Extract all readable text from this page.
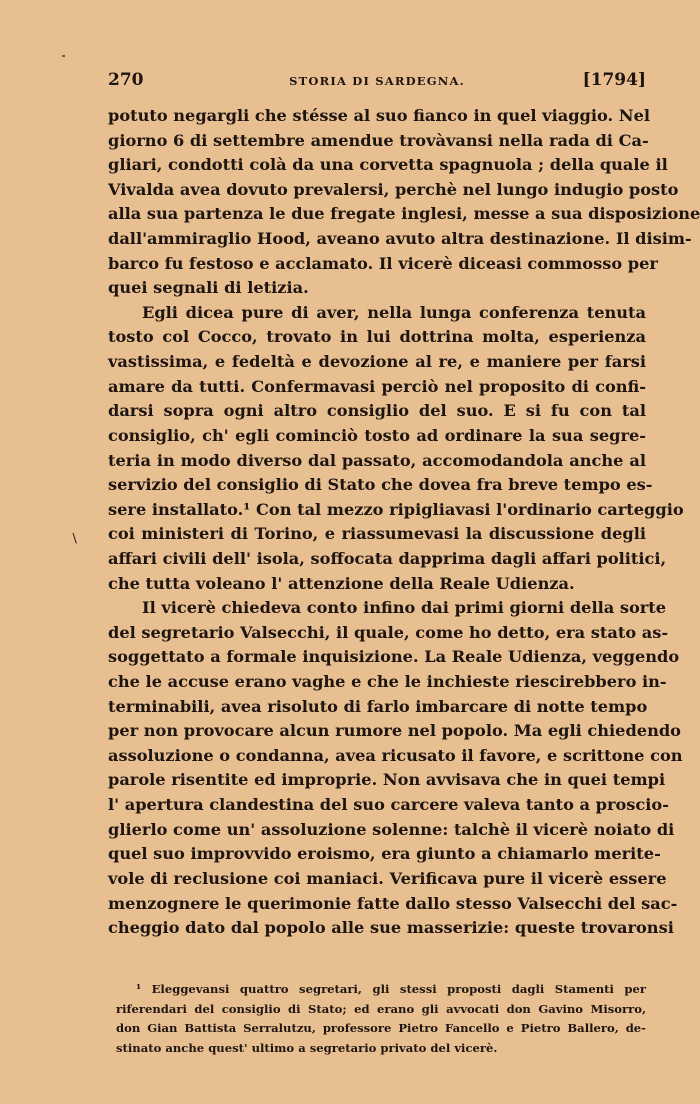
270	STORIA DI SARDEGNA.	[1794]
∖
potuto negargli che stésse al suo fianco in quel viaggio. Nel
giorno 6 di settembre amendue trovàvansi nella rada di Ca-
gliari, condotti colà da una corvetta spagnuola ; della quale il
Vivalda avea dovuto prevalersi, perchè nel lungo indugio posto
alla sua partenza le due fregate inglesi, messe a sua disposizione
dall'ammiraglio Hood, aveano avuto altra destinazione. Il disim-
barco fu festoso e acclamato. Il vicerè diceasi commosso per
quei segnali di letizia.
Egli dicea pure di aver, nella lunga conferenza tenuta
tosto col Cocco, trovato in lui dottrina molta, esperienza
vastissima, e fedeltà e devozione al re, e maniere per farsi
amare da tutti. Confermavasi perciò nel proposito di confi-
darsi sopra ogni altro consiglio del suo. E si fu con tal
consiglio, ch' egli cominciò tosto ad ordinare la sua segre-
teria in modo diverso dal passato, accomodandola anche al
servizio del consiglio di Stato che dovea fra breve tempo es-
sere installato.¹ Con tal mezzo ripigliavasi l'ordinario carteggio
coi ministeri di Torino, e riassumevasi la discussione degli
affari civili dell' isola, soffocata dapprima dagli affari politici,
che tutta voleano l' attenzione della Reale Udienza.
Il vicerè chiedeva conto infino dai primi giorni della sorte
del segretario Valsecchi, il quale, come ho detto, era stato as-
soggettato a formale inquisizione. La Reale Udienza, veggendo
che le accuse erano vaghe e che le inchieste riescirebbero in-
terminabili, avea risoluto di farlo imbarcare di notte tempo
per non provocare alcun rumore nel popolo. Ma egli chiedendo
assoluzione o condanna, avea ricusato il favore, e scrittone con
parole risentite ed improprie. Non avvisava che in quei tempi
l' apertura clandestina del suo carcere valeva tanto a proscio-
glierlo come un' assoluzione solenne: talchè il vicerè noiato di
quel suo improvvido eroismo, era giunto a chiamarlo merite-
vole di reclusione coi maniaci. Verificava pure il vicerè essere
menzognere le querimonie fatte dallo stesso Valsecchi del sac-
cheggio dato dal popolo alle sue masserizie: queste trovaronsi
¹ Eleggevansi quattro segretari, gli stessi proposti dagli Stamenti per
riferendari del consiglio di Stato; ed erano gli avvocati don Gavino Misorro,
don Gian Battista Serralutzu, professore Pietro Fancello e Pietro Ballero, de-
stinato anche quest' ultimo a segretario privato del vicerè.
